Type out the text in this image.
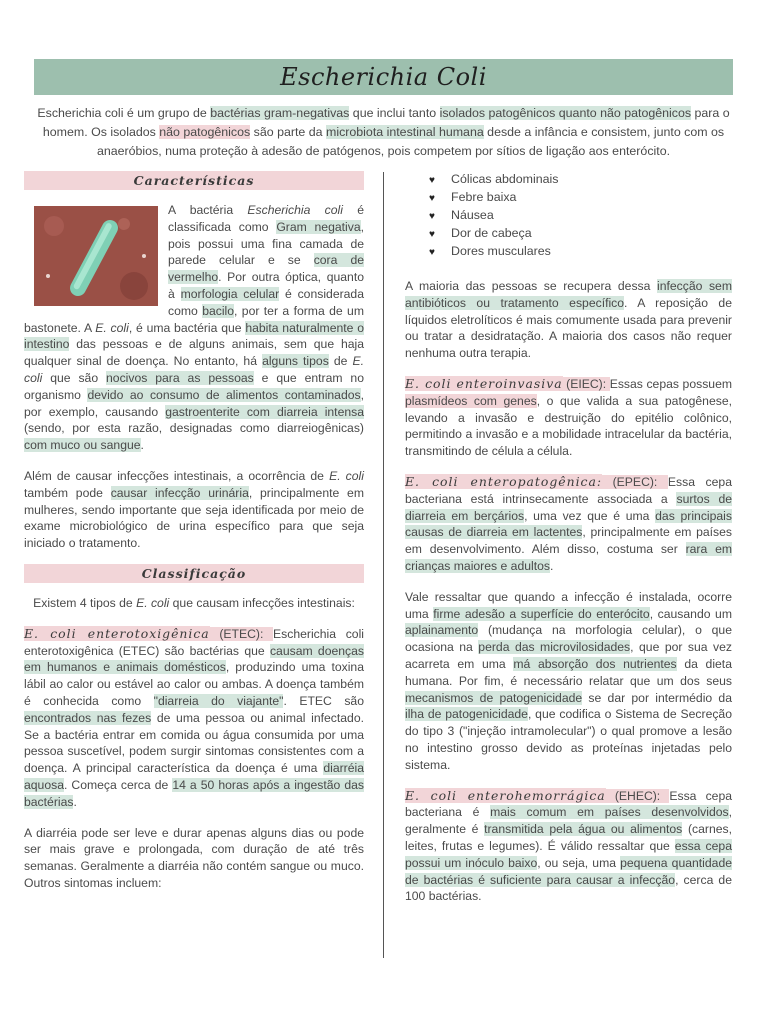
Escherichia Coli
Escherichia coli é um grupo de bactérias gram-negativas que inclui tanto isolados patogênicos quanto não patogênicos para o homem. Os isolados não patogênicos são parte da microbiota intestinal humana desde a infância e consistem, junto com os anaeróbios, numa proteção à adesão de patógenos, pois competem por sítios de ligação aos enterócito.
Características

A bactéria Escherichia coli é classificada como Gram negativa, pois possui uma fina camada de parede celular e se cora de vermelho. Por outra óptica, quanto à morfologia celular é considerada como bacilo, por ter a forma de um bastonete. A E. coli, é uma bactéria que habita naturalmente o intestino das pessoas e de alguns animais, sem que haja qualquer sinal de doença. No entanto, há alguns tipos de E. coli que são nocivos para as pessoas e que entram no organismo devido ao consumo de alimentos contaminados, por exemplo, causando gastroenterite com diarreia intensa (sendo, por esta razão, designadas como diarreiogênicas) com muco ou sangue.

Além de causar infecções intestinais, a ocorrência de E. coli também pode causar infecção urinária, principalmente em mulheres, sendo importante que seja identificada por meio de exame microbiológico de urina específico para que seja iniciado o tratamento.

Classificação

Existem 4 tipos de E. coli que causam infecções intestinais:

E. coli enterotoxigênica (ETEC): Escherichia coli enterotoxigênica (ETEC) são bactérias que causam doenças em humanos e animais domésticos, produzindo uma toxina lábil ao calor ou estável ao calor ou ambas. A doença também é conhecida como "diarreia do viajante". ETEC são encontrados nas fezes de uma pessoa ou animal infectado. Se a bactéria entrar em comida ou água consumida por uma pessoa suscetível, podem surgir sintomas consistentes com a doença. A principal característica da doença é uma diarréia aquosa. Começa cerca de 14 a 50 horas após a ingestão das bactérias.

A diarréia pode ser leve e durar apenas alguns dias ou pode ser mais grave e prolongada, com duração de até três semanas. Geralmente a diarréia não contém sangue ou muco. Outros sintomas incluem:

♥ Cólicas abdominais
♥ Febre baixa
♥ Náusea
♥ Dor de cabeça
♥ Dores musculares

A maioria das pessoas se recupera dessa infecção sem antibióticos ou tratamento específico. A reposição de líquidos eletrolíticos é mais comumente usada para prevenir ou tratar a desidratação. A maioria dos casos não requer nenhuma outra terapia.

E. coli enteroinvasiva (EIEC): Essas cepas possuem plasmídeos com genes, o que valida a sua patogênese, levando a invasão e destruição do epitélio colônico, permitindo a invasão e a mobilidade intracelular da bactéria, transmitindo de célula a célula.

E. coli enteropatogênica: (EPEC): Essa cepa bacteriana está intrinsecamente associada a surtos de diarreia em berçários, uma vez que é uma das principais causas de diarreia em lactentes, principalmente em países em desenvolvimento. Além disso, costuma ser rara em crianças maiores e adultos.

Vale ressaltar que quando a infecção é instalada, ocorre uma firme adesão a superfície do enterócito, causando um aplainamento (mudança na morfologia celular), o que ocasiona na perda das microvilosidades, que por sua vez acarreta em uma má absorção dos nutrientes da dieta humana. Por fim, é necessário relatar que um dos seus mecanismos de patogenicidade se dar por intermédio da ilha de patogenicidade, que codifica o Sistema de Secreção do tipo 3 ("injeção intramolecular") o qual promove a lesão no intestino grosso devido as proteínas injetadas pelo sistema.

E. coli enterohemorrágica (EHEC): Essa cepa bacteriana é mais comum em países desenvolvidos, geralmente é transmitida pela água ou alimentos (carnes, leites, frutas e legumes). É válido ressaltar que essa cepa possui um inóculo baixo, ou seja, uma pequena quantidade de bactérias é suficiente para causar a infecção, cerca de 100 bactérias.
